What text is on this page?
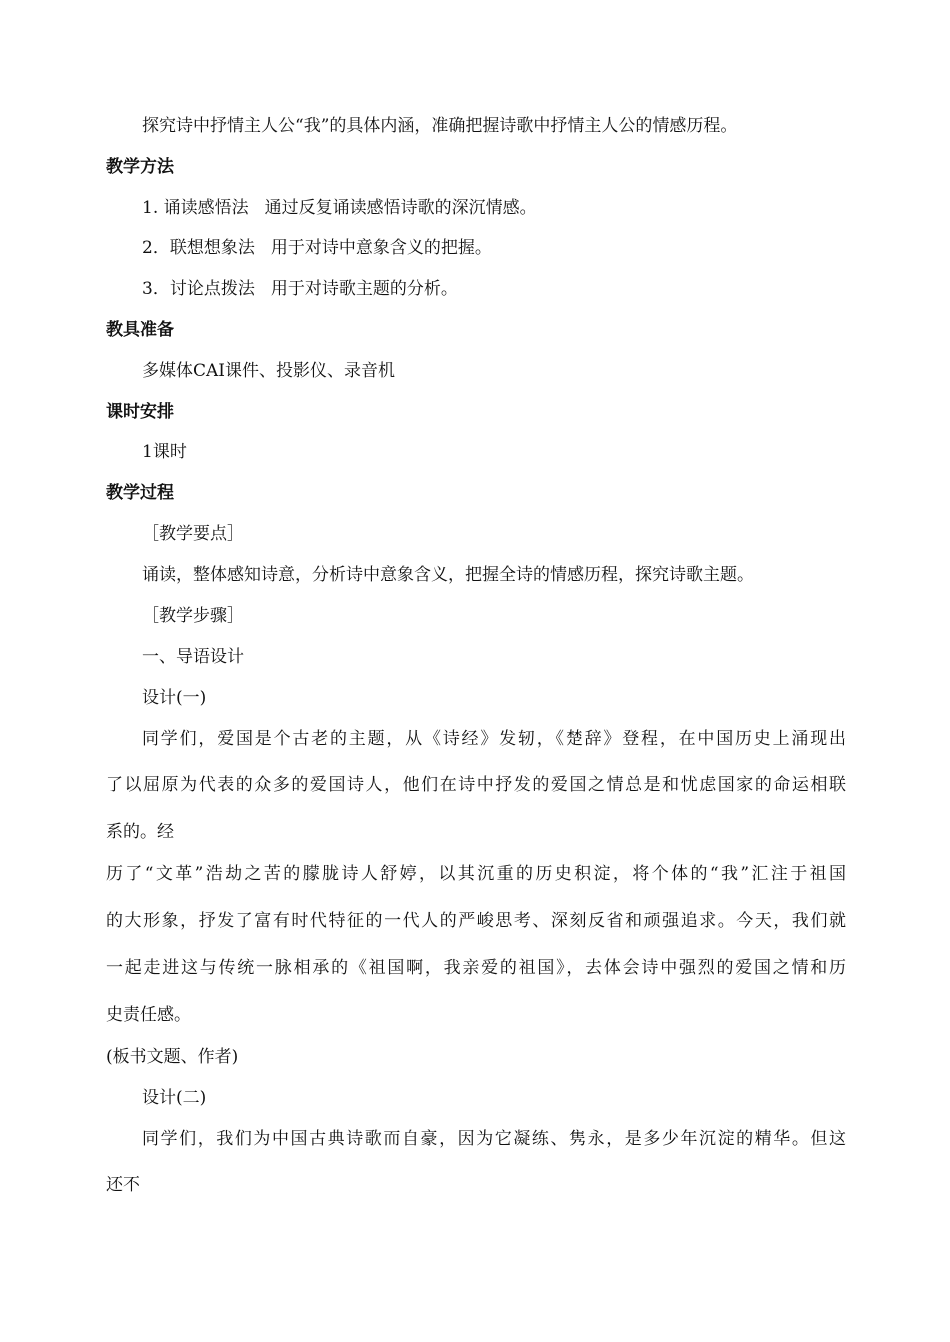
探究诗中抒情主人公“我”的具体内涵，准确把握诗歌中抒情主人公的情感历程。
教学方法
1. 诵读感悟法 通过反复诵读感悟诗歌的深沉情感。
2．联想想象法 用于对诗中意象含义的把握。
3．讨论点拨法 用于对诗歌主题的分析。
教具准备
多媒体CAI课件、投影仪、录音机
课时安排
1课时
教学过程
［教学要点］
诵读，整体感知诗意，分析诗中意象含义，把握全诗的情感历程，探究诗歌主题。
［教学步骤］
一、导语设计
设计(一)
同学们，爱国是个古老的主题，从《诗经》发轫，《楚辞》登程，在中国历史上涌现出
了以屈原为代表的众多的爱国诗人，他们在诗中抒发的爱国之情总是和忧虑国家的命运相联
系的。经
历了“文革”浩劫之苦的朦胧诗人舒婷，以其沉重的历史积淀，将个体的“我”汇注于祖国
的大形象，抒发了富有时代特征的一代人的严峻思考、深刻反省和顽强追求。今天，我们就
一起走进这与传统一脉相承的《祖国啊，我亲爱的祖国》，去体会诗中强烈的爱国之情和历
史责任感。
(板书文题、作者)
设计(二)
同学们，我们为中国古典诗歌而自豪，因为它凝练、隽永，是多少年沉淀的精华。但这
还不
